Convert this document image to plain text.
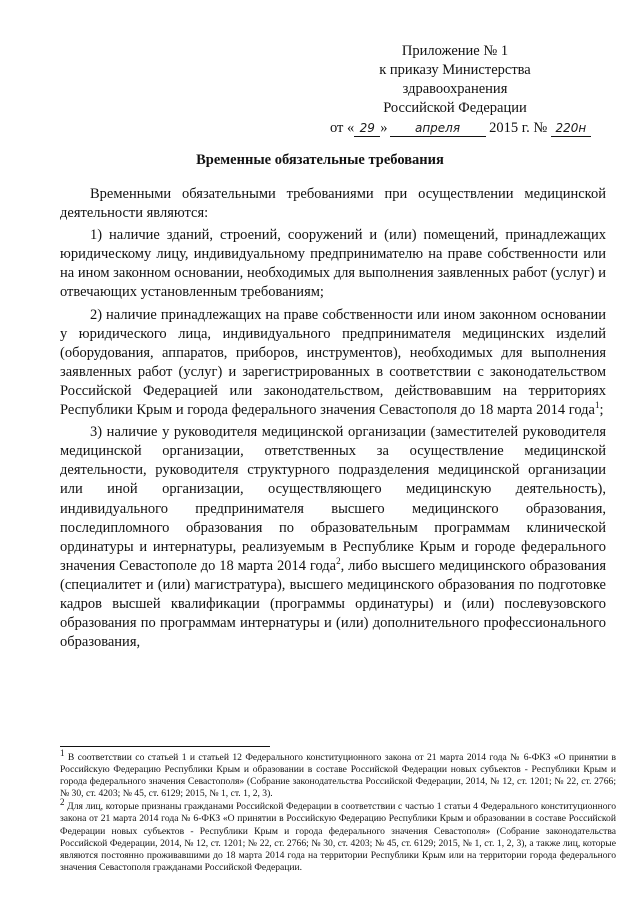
Приложение № 1
к приказу Министерства
здравоохранения
Российской Федерации
от « 29 » апреля 2015 г. № 220н
Временные обязательные требования

Временными обязательными требованиями при осуществлении медицинской деятельности являются:

1) наличие зданий, строений, сооружений и (или) помещений, принадлежащих юридическому лицу, индивидуальному предпринимателю на праве собственности или на ином законном основании, необходимых для выполнения заявленных работ (услуг) и отвечающих установленным требованиям;

2) наличие принадлежащих на праве собственности или ином законном основании у юридического лица, индивидуального предпринимателя медицинских изделий (оборудования, аппаратов, приборов, инструментов), необходимых для выполнения заявленных работ (услуг) и зарегистрированных в соответствии с законодательством Российской Федерацией или законодательством, действовавшим на территориях Республики Крым и города федерального значения Севастополя до 18 марта 2014 года$^1$;

3) наличие у руководителя медицинской организации (заместителей руководителя медицинской организации, ответственных за осуществление медицинской деятельности, руководителя структурного подразделения медицинской организации или иной организации, осуществляющего медицинскую деятельность), индивидуального предпринимателя высшего медицинского образования, последипломного образования по образовательным программам клинической ординатуры и интернатуры, реализуемым в Республике Крым и городе федерального значения Севастополе до 18 марта 2014 года$^2$, либо высшего медицинского образования (специалитет и (или) магистратура), высшего медицинского образования по подготовке кадров высшей квалификации (программы ординатуры) и (или) послевузовского образования по программам интернатуры и (или) дополнительного профессионального образования,

$^1$ В соответствии со статьей 1 и статьей 12 Федерального конституционного закона от 21 марта 2014 года № 6-ФКЗ «О принятии в Российскую Федерацию Республики Крым и образовании в составе Российской Федерации новых субъектов - Республики Крым и города федерального значения Севастополя» (Собрание законодательства Российской Федерации, 2014, № 12, ст. 1201; № 22, ст. 2766; № 30, ст. 4203; № 45, ст. 6129; 2015, № 1, ст. 1, 2, 3).

$^2$ Для лиц, которые признаны гражданами Российской Федерации в соответствии с частью 1 статьи 4 Федерального конституционного закона от 21 марта 2014 года № 6-ФКЗ «О принятии в Российскую Федерацию Республики Крым и образовании в составе Российской Федерации новых субъектов - Республики Крым и города федерального значения Севастополя» (Собрание законодательства Российской Федерации, 2014, № 12, ст. 1201; № 22, ст. 2766; № 30, ст. 4203; № 45, ст. 6129; 2015, № 1, ст. 1, 2, 3), а также лиц, которые являются постоянно проживавшими до 18 марта 2014 года на территории Республики Крым или на территории города федерального значения Севастополя гражданами Российской Федерации.
